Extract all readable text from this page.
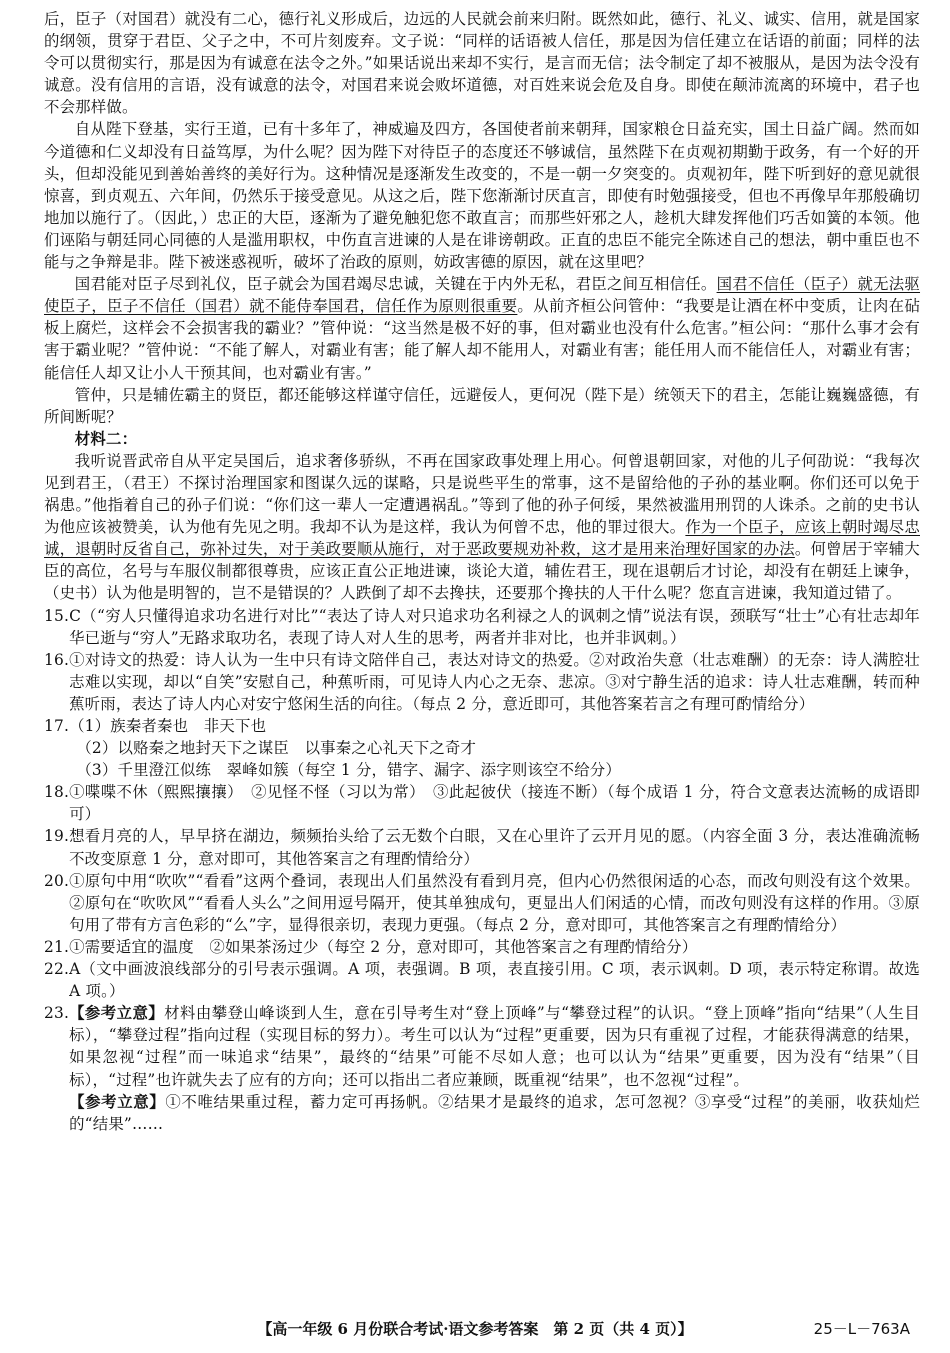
后，臣子（对国君）就没有二心，德行礼义形成后，边远的人民就会前来归附。既然如此，德行、礼义、诚实、信用，就是国家的纲领，贯穿于君臣、父子之中，不可片刻废弃。文子说：“同样的话语被人信任，那是因为信任建立在话语的前面；同样的法令可以贯彻实行，那是因为有诚意在法令之外。”如果话说出来却不实行，是言而无信；法令制定了却不被服从，是因为法令没有诚意。没有信用的言语，没有诚意的法令，对国君来说会败坏道德，对百姓来说会危及自身。即使在颠沛流离的环境中，君子也不会那样做。

自从陛下登基，实行王道，已有十多年了，神威遍及四方，各国使者前来朝拜，国家粮仓日益充实，国土日益广阔。然而如今道德和仁义却没有日益笃厚，为什么呢？因为陛下对待臣子的态度还不够诚信，虽然陛下在贞观初期勤于政务，有一个好的开头，但却没能见到善始善终的美好行为。这种情况是逐渐发生改变的，不是一朝一夕突变的。贞观初年，陛下听到好的意见就很惊喜，到贞观五、六年间，仍然乐于接受意见。从这之后，陛下您渐渐讨厌直言，即使有时勉强接受，但也不再像早年那般确切地加以施行了。（因此，）忠正的大臣，逐渐为了避免触犯您不敢直言；而那些奸邪之人，趁机大肆发挥他们巧舌如簧的本领。他们诬陷与朝廷同心同德的人是滥用职权，中伤直言进谏的人是在诽谤朝政。正直的忠臣不能完全陈述自己的想法，朝中重臣也不能与之争辩是非。陛下被迷惑视听，破坏了治政的原则，妨政害德的原因，就在这里吧？

国君能对臣子尽到礼仪，臣子就会为国君竭尽忠诚，关键在于内外无私，君臣之间互相信任。国君不信任（臣子）就无法驱使臣子，臣子不信任（国君）就不能侍奉国君，信任作为原则很重要。从前齐桓公问管仲：“我要是让酒在杯中变质，让肉在砧板上腐烂，这样会不会损害我的霸业？”管仲说：“这当然是极不好的事，但对霸业也没有什么危害。”桓公问：“那什么事才会有害于霸业呢？”管仲说：“不能了解人，对霸业有害；能了解人却不能用人，对霸业有害；能任用人而不能信任人，对霸业有害；能信任人却又让小人干预其间，也对霸业有害。”

管仲，只是辅佐霸主的贤臣，都还能够这样谨守信任，远避佞人，更何况（陛下是）统领天下的君主，怎能让巍巍盛德，有所间断呢？

材料二：

我听说晋武帝自从平定吴国后，追求奢侈骄纵，不再在国家政事处理上用心。何曾退朝回家，对他的儿子何劭说：“我每次见到君王，（君王）不探讨治理国家和图谋久远的谋略，只是说些平生的常事，这不是留给他的子孙的基业啊。你们还可以免于祸患。”他指着自己的孙子们说：“你们这一辈人一定遭遇祸乱。”等到了他的孙子何绥，果然被滥用刑罚的人诛杀。之前的史书认为他应该被赞美，认为他有先见之明。我却不认为是这样，我认为何曾不忠，他的罪过很大。作为一个臣子，应该上朝时竭尽忠诚，退朝时反省自己，弥补过失，对于美政要顺从施行，对于恶政要规劝补救，这才是用来治理好国家的办法。何曾居于宰辅大臣的高位，名号与车服仪制都很尊贵，应该正直公正地进谏，谈论大道，辅佐君王，现在退朝后才讨论，却没有在朝廷上谏争，（史书）认为他是明智的，岂不是错误的？人跌倒了却不去搀扶，还要那个搀扶的人干什么呢？您直言进谏，我知道过错了。

15. C（“穷人只懂得追求功名进行对比”“表达了诗人对只追求功名利禄之人的讽刺之情”说法有误，颈联写“壮士”心有壮志却年华已逝与“穷人”无路求取功名，表现了诗人对人生的思考，两者并非对比，也并非讽刺。）
16. ①对诗文的热爱：诗人认为一生中只有诗文陪伴自己，表达对诗文的热爱。②对政治失意（壮志难酬）的无奈：诗人满腔壮志难以实现，却以“自笑”安慰自己，种蕉听雨，可见诗人内心之无奈、悲凉。③对宁静生活的追求：诗人壮志难酬，转而种蕉听雨，表达了诗人内心对安宁悠闲生活的向往。（每点 2 分，意近即可，其他答案若言之有理可酌情给分）
17. （1）族秦者秦也　非天下也
（2）以赂秦之地封天下之谋臣　以事秦之心礼天下之奇才
（3）千里澄江似练　翠峰如簇（每空 1 分，错字、漏字、添字则该空不给分）
18. ①喋喋不休（熙熙攘攘）　②见怪不怪（习以为常）　③此起彼伏（接连不断）（每个成语 1 分，符合文意表达流畅的成语即可）
19. 想看月亮的人，早早挤在湖边，频频抬头给了云无数个白眼，又在心里许了云开月见的愿。（内容全面 3 分，表达准确流畅不改变原意 1 分，意对即可，其他答案言之有理酌情给分）
20. ①原句中用“吹吹”“看看”这两个叠词，表现出人们虽然没有看到月亮，但内心仍然很闲适的心态，而改句则没有这个效果。②原句在“吹吹风”“看看人头么”之间用逗号隔开，使其单独成句，更显出人们闲适的心情，而改句则没有这样的作用。③原句用了带有方言色彩的“么”字，显得很亲切，表现力更强。（每点 2 分，意对即可，其他答案言之有理酌情给分）
21. ①需要适宜的温度　②如果茶汤过少（每空 2 分，意对即可，其他答案言之有理酌情给分）
22. A（文中画波浪线部分的引号表示强调。A 项，表强调。B 项，表直接引用。C 项，表示讽刺。D 项，表示特定称谓。故选 A 项。）
23. 【参考立意】材料由攀登山峰谈到人生，意在引导考生对“登上顶峰”与“攀登过程”的认识。“登上顶峰”指向“结果”（人生目标），“攀登过程”指向过程（实现目标的努力）。考生可以认为“过程”更重要，因为只有重视了过程，才能获得满意的结果，如果忽视“过程”而一味追求“结果”，最终的“结果”可能不尽如人意；也可以认为“结果”更重要，因为没有“结果”（目标），“过程”也许就失去了应有的方向；还可以指出二者应兼顾，既重视“结果”，也不忽视“过程”。
【参考立意】①不唯结果重过程，蓄力定可再扬帆。②结果才是最终的追求，怎可忽视？③享受“过程”的美丽，收获灿烂的“结果”……
【高一年级 6 月份联合考试·语文参考答案　第 2 页（共 4 页）】	25－L－763A
